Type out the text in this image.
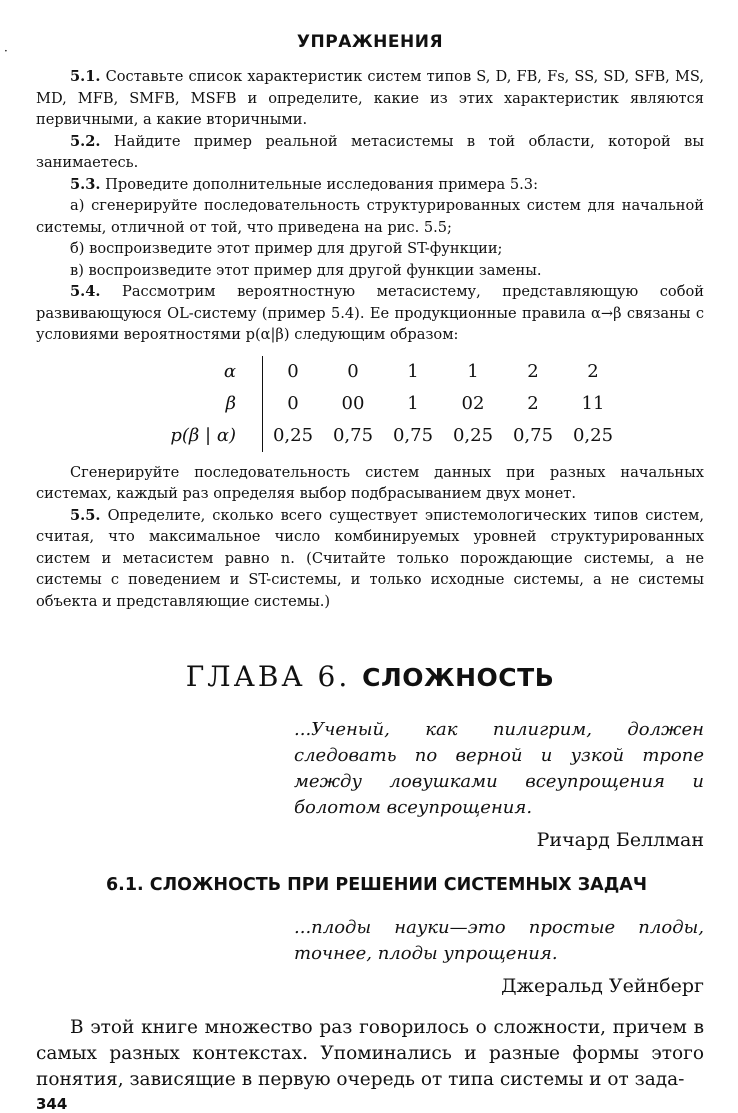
·	УПРАЖНЕНИЯ

5.1. Составьте список характеристик систем типов S, D, FB, Fs, SS, SD, SFB, MS, MD, MFB, SMFB, MSFB и определите, какие из этих характеристик являются первичными, а какие вторичными.

5.2. Найдите пример реальной метасистемы в той области, которой вы занимаетесь.

5.3. Проведите дополнительные исследования примера 5.3:

а) сгенерируйте последовательность структурированных систем для начальной системы, отличной от той, что приведена на рис. 5.5;

б) воспроизведите этот пример для другой ST-функции;

в) воспроизведите этот пример для другой функции замены.

5.4. Рассмотрим вероятностную метасистему, представляющую собой развивающуюся OL-систему (пример 5.4). Ее продукционные правила α→β связаны с условиями вероятностями p(α|β) следующим образом:

α	0	0	1	1	2	2
β	0	00	1	02	2	11
p(β | α)	0,25	0,75	0,75	0,25	0,75	0,25

Сгенерируйте последовательность систем данных при разных начальных системах, каждый раз определяя выбор подбрасыванием двух монет.

5.5. Определите, сколько всего существует эпистемологических типов систем, считая, что максимальное число комбинируемых уровней структурированных систем и метасистем равно n. (Считайте только порождающие системы, а не системы с поведением и ST-системы, и только исходные системы, а не системы объекта и представляющие системы.)

ГЛАВА 6. СЛОЖНОСТЬ
...Ученый, как пилигрим, должен следовать по верной и узкой тропе между ловушками всеупрощения и болотом всеупрощения.
Ричард Беллман
6.1. СЛОЖНОСТЬ ПРИ РЕШЕНИИ СИСТЕМНЫХ ЗАДАЧ
...плоды науки—это простые плоды, точнее, плоды упрощения.
Джеральд Уейнберг

В этой книге множество раз говорилось о сложности, причем в самых разных контекстах. Упоминались и разные формы этого понятия, зависящие в первую очередь от типа системы и от зада-

344
